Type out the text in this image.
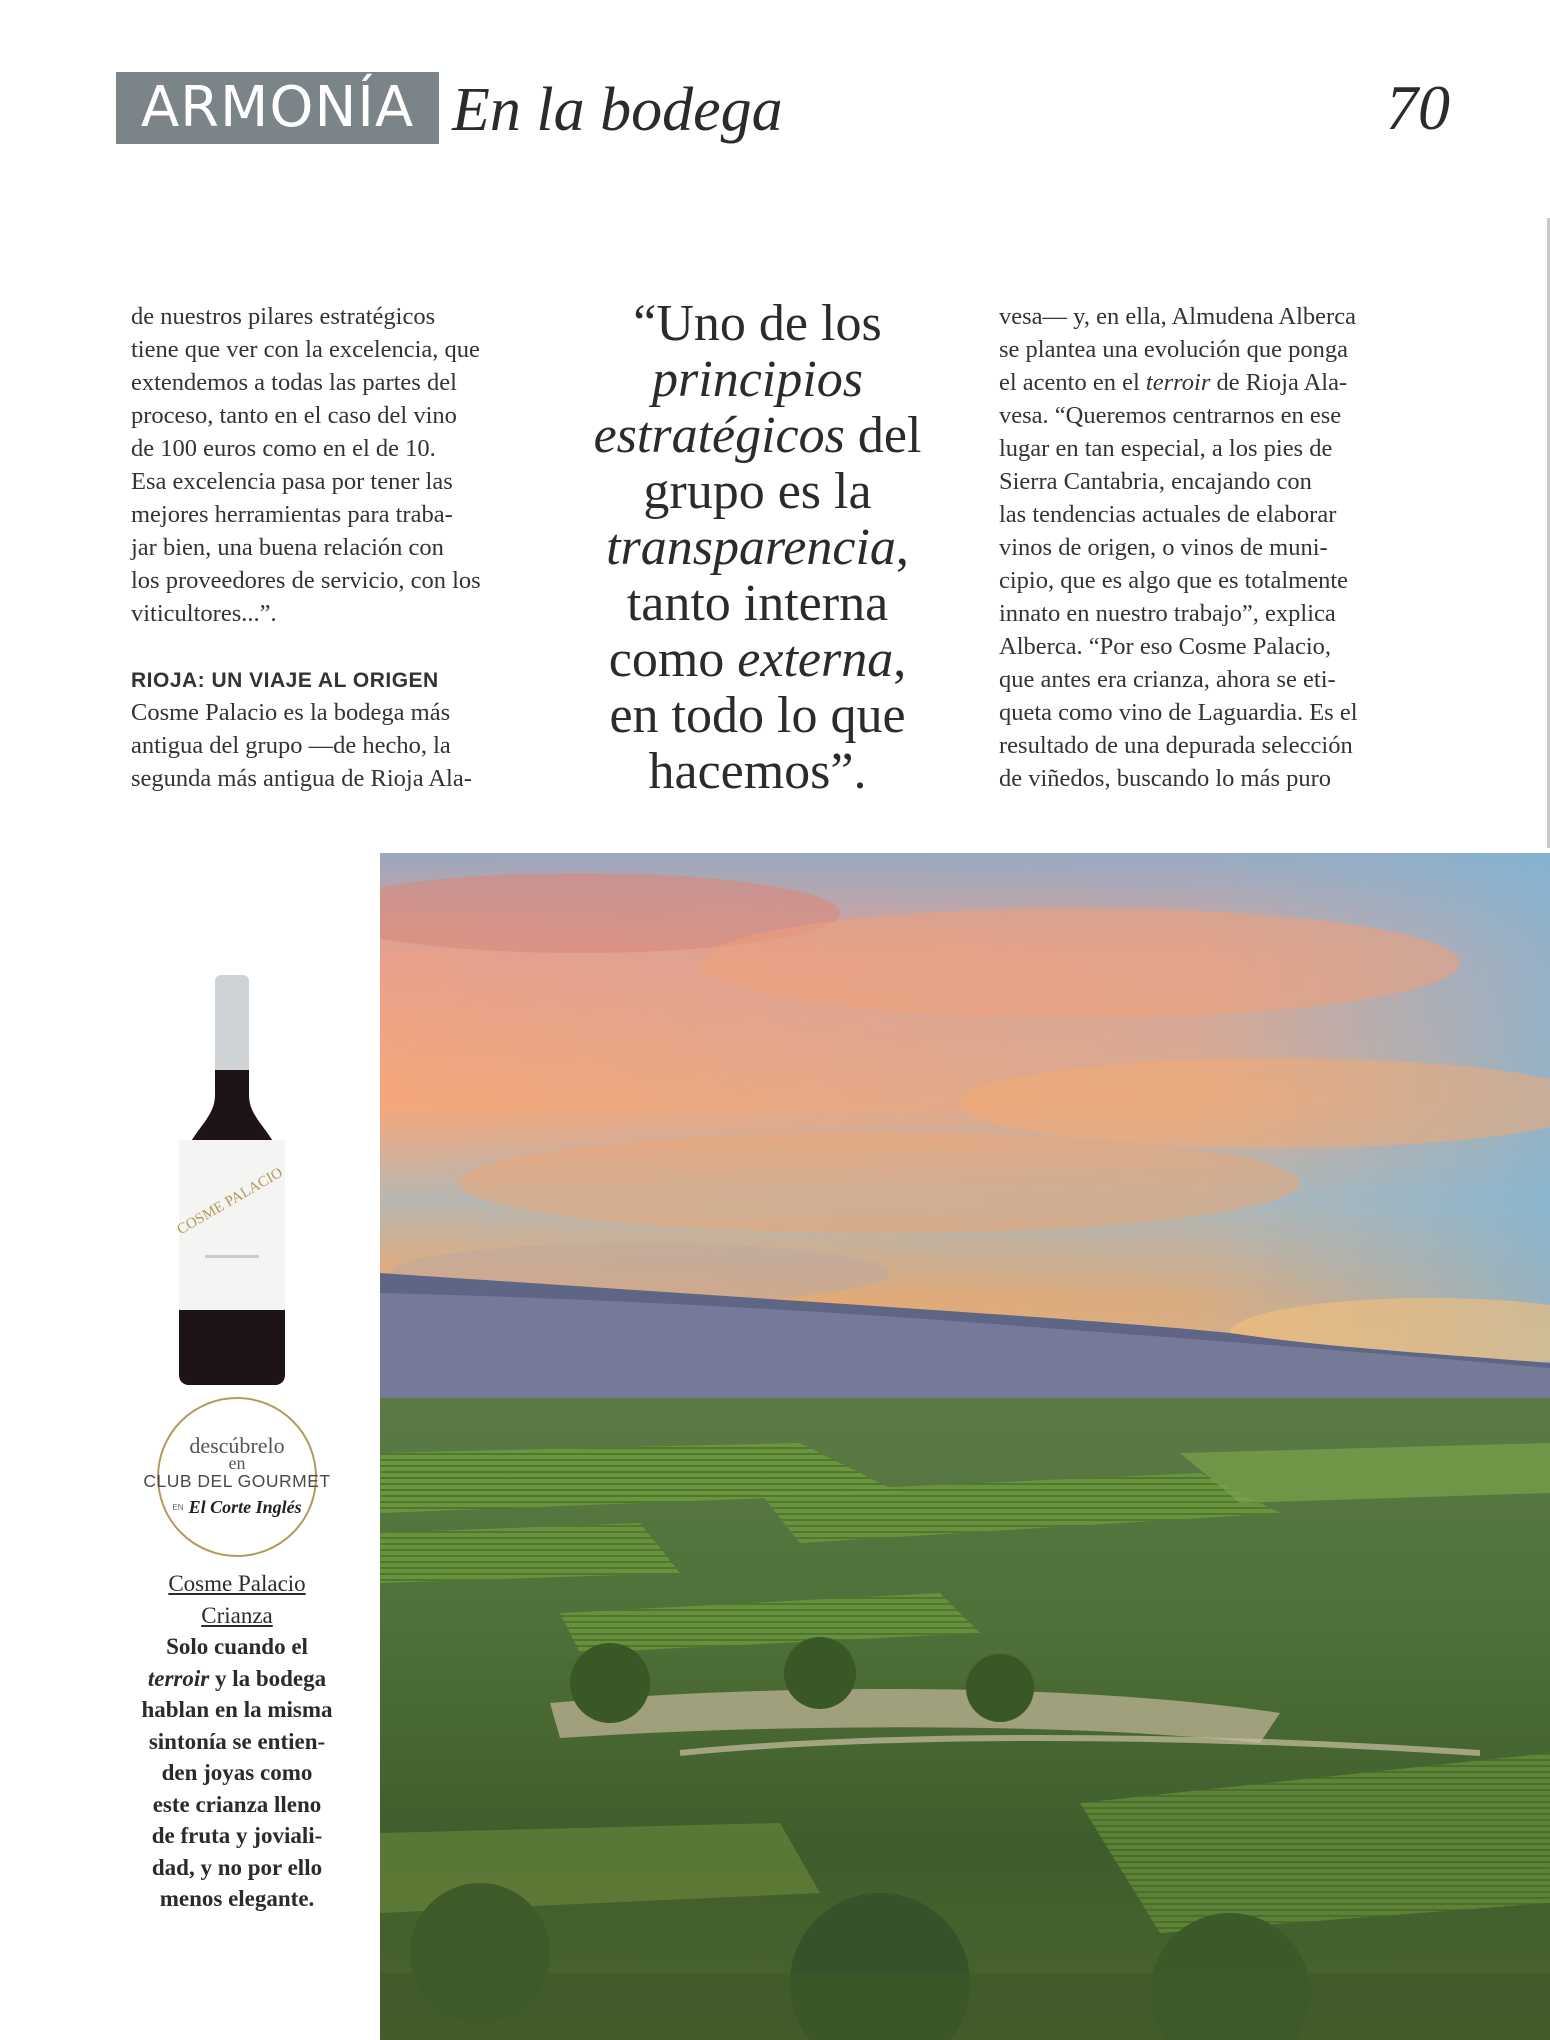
ARMONÍA En la bodega	70

de nuestros pilares estratégicos

tiene que ver con la excelencia, que

extendemos a todas las partes del

proceso, tanto en el caso del vino

de 100 euros como en el de 10.

Esa excelencia pasa por tener las

mejores herramientas para traba-

jar bien, una buena relación con

los proveedores de servicio, con los

viticultores...”.

RIOJA: UN VIAJE AL ORIGEN

Cosme Palacio es la bodega más

antigua del grupo —de hecho, la

segunda más antigua de Rioja Ala-

“Uno de los

principios

estratégicos del

grupo es la

transparencia,

tanto interna

como externa,

en todo lo que

hacemos”.

vesa— y, en ella, Almudena Alberca

se plantea una evolución que ponga

el acento en el terroir de Rioja Ala-

vesa. “Queremos centrarnos en ese

lugar en tan especial, a los pies de

Sierra Cantabria, encajando con

las tendencias actuales de elaborar

vinos de origen, o vinos de muni-

cipio, que es algo que es totalmente

innato en nuestro trabajo”, explica

Alberca. “Por eso Cosme Palacio,

que antes era crianza, ahora se eti-

queta como vino de Laguardia. Es el

resultado de una depurada selección

de viñedos, buscando lo más puro

COSME PALACIO
descúbrelo
en
CLUB DEL GOURMET
EN El Corte Inglés
Cosme Palacio
Crianza
Solo cuando el
terroir y la bodega
hablan en la misma
sintonía se entien-
den joyas como
este crianza lleno
de fruta y joviali-
dad, y no por ello
menos elegante.
